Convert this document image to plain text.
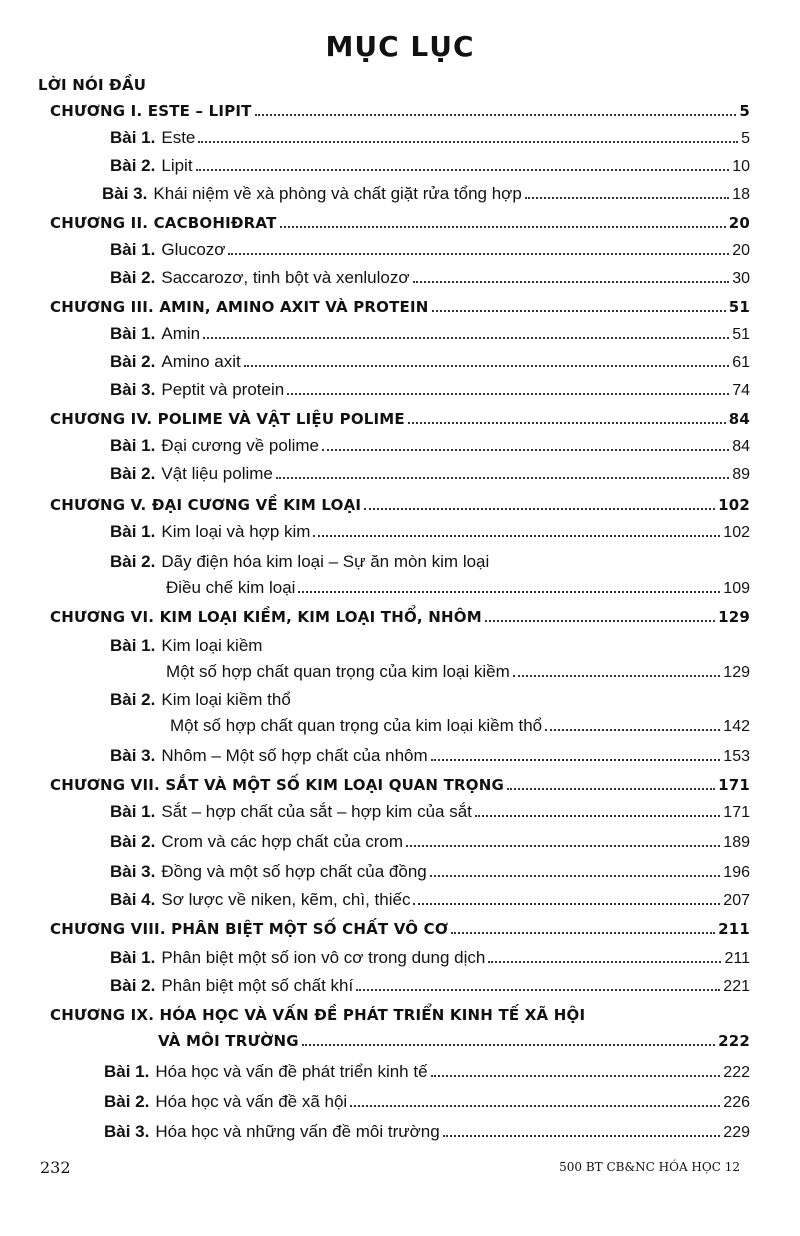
MỤC LỤC
LỜI NÓI ĐẦU
CHƯƠNG I. ESTE – LIPIT	5
Bài 1. Este	5
Bài 2. Lipit	10
Bài 3. Khái niệm về xà phòng và chất giặt rửa tổng hợp	18
CHƯƠNG II. CACBOHIĐRAT	20
Bài 1. Glucozơ	20
Bài 2. Saccarozơ, tinh bột và xenlulozơ	30
CHƯƠNG III. AMIN, AMINO AXIT VÀ PROTEIN	51
Bài 1. Amin	51
Bài 2. Amino axit	61
Bài 3. Peptit và protein	74
CHƯƠNG IV. POLIME VÀ VẬT LIỆU POLIME	84
Bài 1. Đại cương về polime	84
Bài 2. Vật liệu polime	89
CHƯƠNG V. ĐẠI CƯƠNG VỀ KIM LOẠI	102
Bài 1. Kim loại và hợp kim	102
Bài 2. Dãy điện hóa kim loại – Sự ăn mòn kim loại
Điều chế kim loại	109
CHƯƠNG VI. KIM LOẠI KIỀM, KIM LOẠI THỔ, NHÔM	129
Bài 1. Kim loại kiềm
Một số hợp chất quan trọng của kim loại kiềm	129
Bài 2. Kim loại kiềm thổ
Một số hợp chất quan trọng của kim loại kiềm thổ	142
Bài 3. Nhôm – Một số hợp chất của nhôm	153
CHƯƠNG VII. SẮT VÀ MỘT SỐ KIM LOẠI QUAN TRỌNG	171
Bài 1. Sắt – hợp chất của sắt – hợp kim của sắt	171
Bài 2. Crom và các hợp chất của crom	189
Bài 3. Đồng và một số hợp chất của đồng	196
Bài 4. Sơ lược về niken, kẽm, chì, thiếc	207
CHƯƠNG VIII. PHÂN BIỆT MỘT SỐ CHẤT VÔ CƠ	211
Bài 1. Phân biệt một số ion vô cơ trong dung dịch	211
Bài 2. Phân biệt một số chất khí	221
CHƯƠNG IX. HÓA HỌC VÀ VẤN ĐỀ PHÁT TRIỂN KINH TẾ XÃ HỘI
VÀ MÔI TRƯỜNG	222
Bài 1. Hóa học và vấn đề phát triển kinh tế	222
Bài 2. Hóa học và vấn đề xã hội	226
Bài 3. Hóa học và những vấn đề môi trường	229
232	500 BT CB&NC HÓA HỌC 12
